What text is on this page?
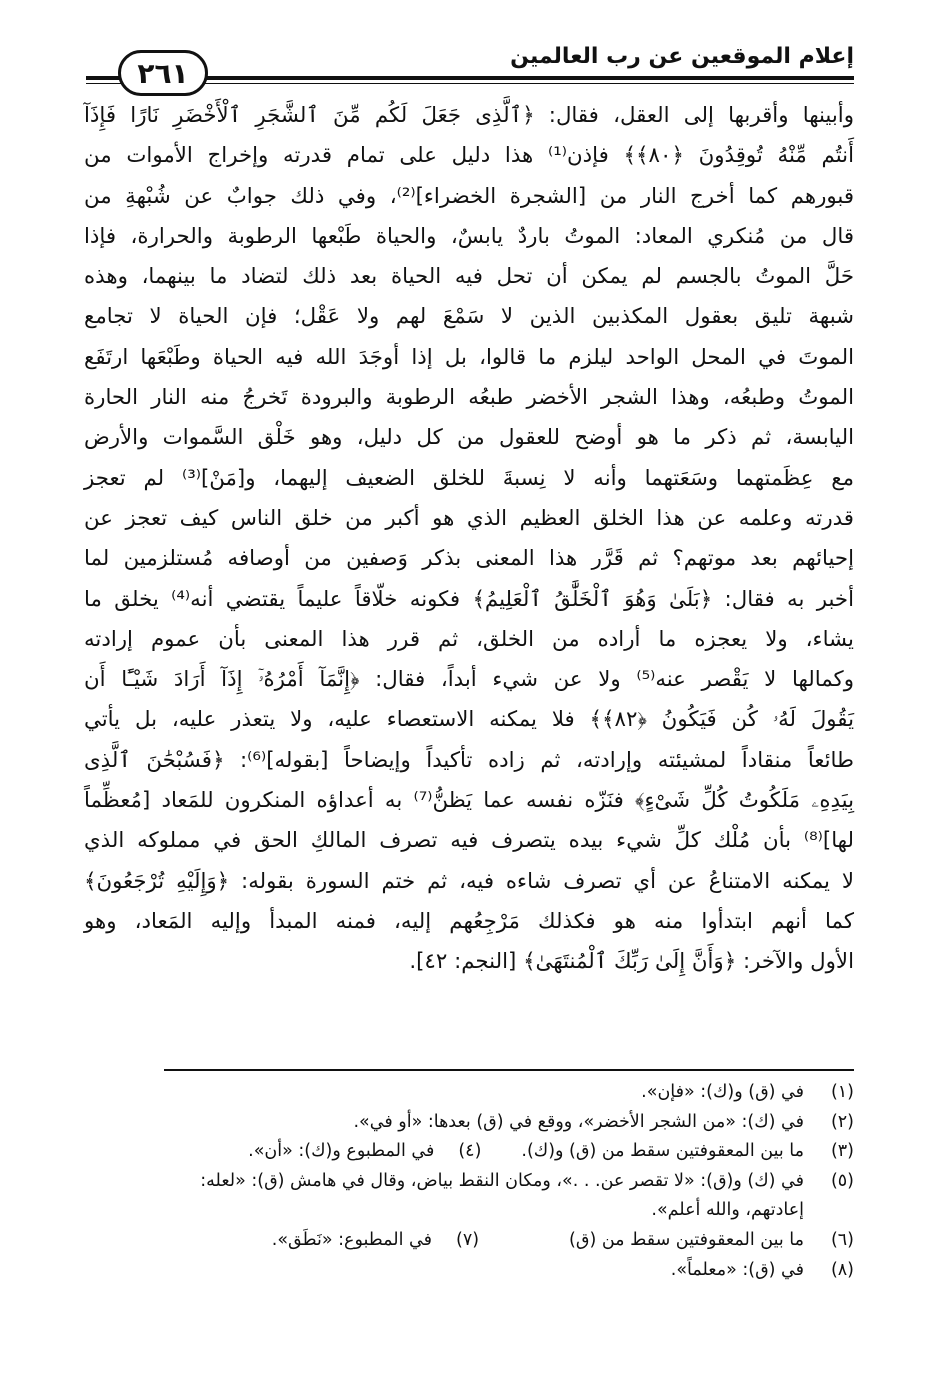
إعلام الموقعين عن رب العالمين
٢٦١
وأبينها وأقربها إلى العقل، فقال: ﴿ٱلَّذِى جَعَلَ لَكُم مِّنَ ٱلشَّجَرِ ٱلْأَخْضَرِ نَارًا فَإِذَآ
أَنتُم مِّنْهُ تُوقِدُونَ ﴿٨٠﴾﴾ فإذن⁽¹⁾ هذا دليل على تمام قدرته وإخراج الأموات من
قبورهم كما أخرج النار من [الشجرة الخضراء]⁽²⁾، وفي ذلك جوابٌ عن شُبْهةِ من
قال من مُنكري المعاد: الموتُ باردٌ يابسٌ، والحياة طَبْعها الرطوبة والحرارة، فإذا
حَلَّ الموتُ بالجسم لم يمكن أن تحل فيه الحياة بعد ذلك لتضاد ما بينهما، وهذه
شبهة تليق بعقول المكذبين الذين لا سَمْعَ لهم ولا عَقْل؛ فإن الحياة لا تجامع
الموتَ في المحل الواحد ليلزم ما قالوا، بل إذا أوجَدَ الله فيه الحياة وطَبْعَها ارتَفَع
الموتُ وطبعُه، وهذا الشجر الأخضر طبعُه الرطوبة والبرودة تَخرجُ منه النار الحارة
اليابسة، ثم ذكر ما هو أوضح للعقول من كل دليل، وهو خَلْق السَّموات والأرض
مع عِظَمتهما وسَعَتهما وأنه لا نِسبةَ للخلق الضعيف إليهما، و[مَنْ]⁽³⁾ لم تعجز
قدرته وعلمه عن هذا الخلق العظيم الذي هو أكبر من خلق الناس كيف تعجز عن
إحيائهم بعد موتهم؟ ثم قَرَّر هذا المعنى بذكر وَصفين من أوصافه مُستلزمين لما
أخبر به فقال: ﴿بَلَىٰ وَهُوَ ٱلْخَلَّٰقُ ٱلْعَلِيمُ﴾ فكونه خلّاقاً عليماً يقتضي أنه⁽⁴⁾ يخلق ما
يشاء، ولا يعجزه ما أراده من الخلق، ثم قرر هذا المعنى بأن عموم إرادته
وكمالها لا يَقْصر عنه⁽⁵⁾ ولا عن شيء أبداً، فقال: ﴿إِنَّمَآ أَمْرُهُۥٓ إِذَآ أَرَادَ شَيْـًٔا أَن
يَقُولَ لَهُۥ كُن فَيَكُونُ ﴿٨٢﴾﴾ فلا يمكنه الاستعصاء عليه، ولا يتعذر عليه، بل يأتي
طائعاً منقاداً لمشيئته وإرادته، ثم زاده تأكيداً وإيضاحاً [بقوله]⁽⁶⁾: ﴿فَسُبْحَٰنَ ٱلَّذِى
بِيَدِهِۦ مَلَكُوتُ كُلِّ شَىْءٍ﴾ فنَزّه نفسه عما يَظنُّ⁽⁷⁾ به أعداؤه المنكرون للمَعاد [مُعظِّماً
لها]⁽⁸⁾ بأن مُلْك كلِّ شيء بيده يتصرف فيه تصرف المالكِ الحق في مملوكه الذي
لا يمكنه الامتناعُ عن أي تصرف شاءه فيه، ثم ختم السورة بقوله: ﴿وَإِلَيْهِ تُرْجَعُونَ﴾
كما أنهم ابتدأوا منه هو فكذلك مَرْجِعُهم إليه، فمنه المبدأ وإليه المَعاد، وهو
الأول والآخر: ﴿وَأَنَّ إِلَىٰ رَبِّكَ ٱلْمُنتَهَىٰ﴾ [النجم: ٤٢].
(١)
في (ق) و(ك): «فإن».
(٢)
في (ك): «من الشجر الأخضر»، ووقع في (ق) بعدها: «أو في».
(٣)
ما بين المعقوفتين سقط من (ق) و(ك).
(٤)
في المطبوع و(ك): «أن».
(٥)
في (ك) و(ق): «لا تقصر عن. . .»، ومكان النقط بياض، وقال في هامش (ق): «لعله:
إعادتهم، والله أعلم».
(٦)
ما بين المعقوفتين سقط من (ق)
(٧)
في المطبوع: «نَطَق».
(٨)
في (ق): «معلماً».
